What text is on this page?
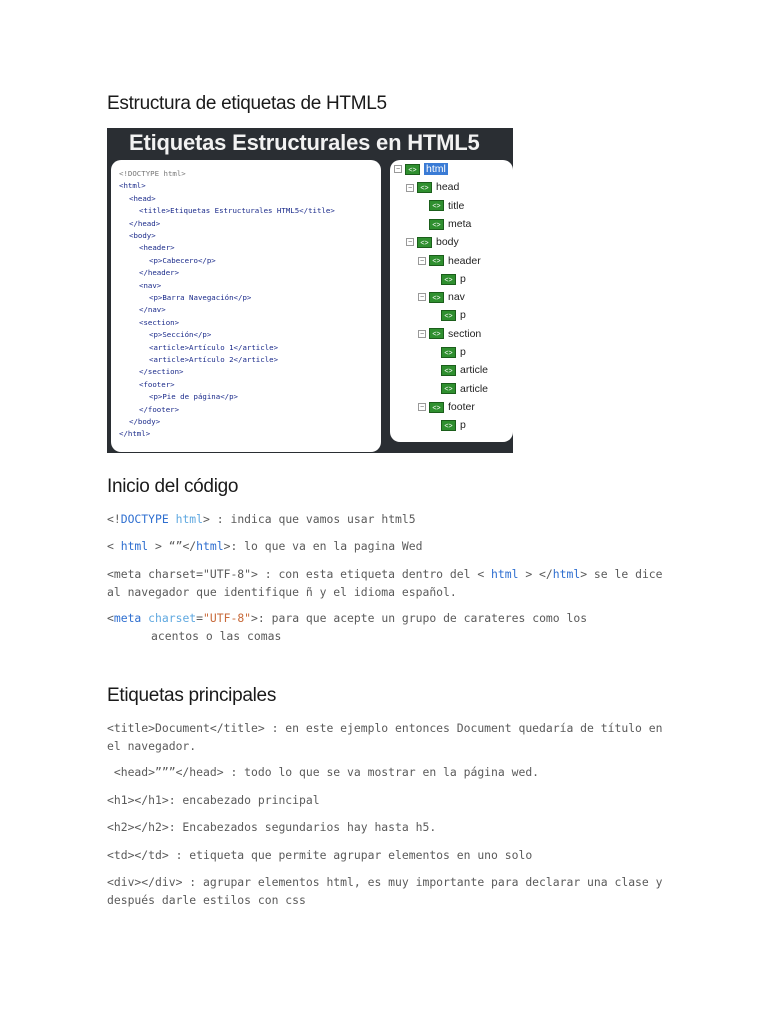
Estructura de etiquetas de HTML5
Etiquetas Estructurales en HTML5
<!DOCTYPE html>
<html>
<head>
<title>Etiquetas Estructurales HTML5</title>
</head>
<body>
<header>
<p>Cabecero</p>
</header>
<nav>
<p>Barra Navegación</p>
</nav>
<section>
<p>Sección</p>
<article>Artículo 1</article>
<article>Artículo 2</article>
</section>
<footer>
<p>Pie de página</p>
</footer>
</body>
</html>
− <> html
− <> head
<> title
<> meta
− <> body
− <> header
<> p
− <> nav
<> p
− <> section
<> p
<> article
<> article
− <> footer
<> p
Inicio del código
<!DOCTYPE html> : indica que vamos usar html5
< html > “”</html>: lo que va en la pagina Wed
<meta charset="UTF-8"> : con esta etiqueta dentro del < html > </html> se le dice al navegador que identifique ñ y el idioma español.
<meta charset="UTF-8">: para que acepte un grupo de carateres como los
acentos o las comas
Etiquetas principales
<title>Document</title> : en este ejemplo entonces Document quedaría de título en el navegador.
<head>”””</head> : todo lo que se va mostrar en la página wed.
<h1></h1>: encabezado principal
<h2></h2>: Encabezados segundarios hay hasta h5.
<td></td> : etiqueta que permite agrupar elementos en uno solo
<div></div> : agrupar elementos html, es muy importante para declarar una clase y después darle estilos con css
